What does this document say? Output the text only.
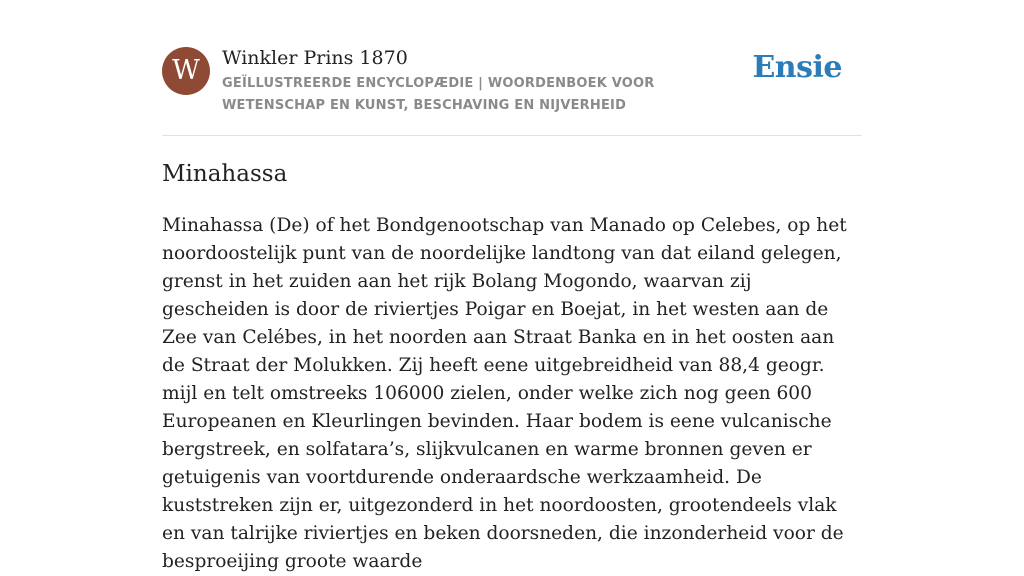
W	Winkler Prins 1870
GEÏLLUSTREERDE ENCYCLOPÆDIE | WOORDENBOEK VOOR WETENSCHAP EN KUNST, BESCHAVING EN NIJVERHEID
Ensie
Minahassa

Minahassa (De) of het Bondgenootschap van Manado op Celebes, op het noordoostelijk punt van de noordelijke landtong van dat eiland gelegen, grenst in het zuiden aan het rijk Bolang Mogondo, waarvan zij gescheiden is door de riviertjes Poigar en Boejat, in het westen aan de Zee van Celébes, in het noorden aan Straat Banka en in het oosten aan de Straat der Molukken. Zij heeft eene uitgebreidheid van 88,4 geogr. mijl en telt omstreeks 106000 zielen, onder welke zich nog geen 600 Europeanen en Kleurlingen bevinden. Haar bodem is eene vulcanische bergstreek, en solfatara’s, slijkvulcanen en warme bronnen geven er getuigenis van voortdurende onderaardsche werkzaamheid. De kuststreken zijn er, uitgezonderd in het noordoosten, grootendeels vlak en van talrijke riviertjes en beken doorsneden, die inzonderheid voor de besproeijing groote waarde
